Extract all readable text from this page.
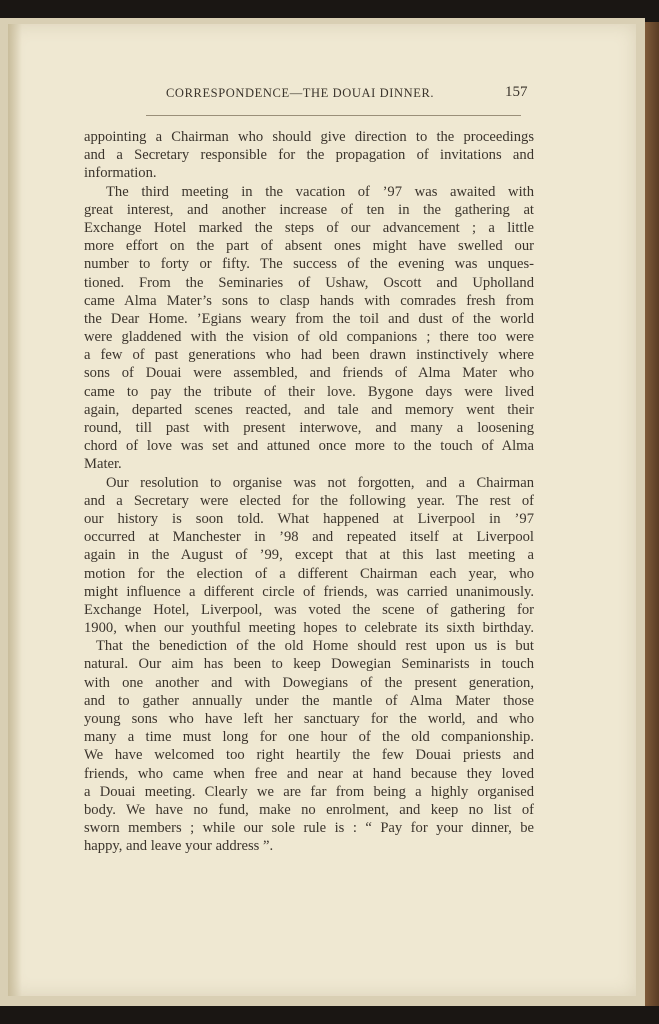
CORRESPONDENCE—THE DOUAI DINNER.	157
appointing a Chairman who should give direction to the proceedings
and a Secretary responsible for the propagation of invitations and
information.
The third meeting in the vacation of ’97 was awaited with
great interest, and another increase of ten in the gathering at
Exchange Hotel marked the steps of our advancement ; a little
more effort on the part of absent ones might have swelled our
number to forty or fifty. The success of the evening was unques-
tioned. From the Seminaries of Ushaw, Oscott and Upholland
came Alma Mater’s sons to clasp hands with comrades fresh from
the Dear Home. ’Egians weary from the toil and dust of the world
were gladdened with the vision of old companions ; there too were
a few of past generations who had been drawn instinctively where
sons of Douai were assembled, and friends of Alma Mater who
came to pay the tribute of their love. Bygone days were lived
again, departed scenes reacted, and tale and memory went their
round, till past with present interwove, and many a loosening
chord of love was set and attuned once more to the touch of Alma
Mater.
Our resolution to organise was not forgotten, and a Chairman
and a Secretary were elected for the following year. The rest of
our history is soon told. What happened at Liverpool in ’97
occurred at Manchester in ’98 and repeated itself at Liverpool
again in the August of ’99, except that at this last meeting a
motion for the election of a different Chairman each year, who
might influence a different circle of friends, was carried unanimously.
Exchange Hotel, Liverpool, was voted the scene of gathering for
1900, when our youthful meeting hopes to celebrate its sixth birthday.
That the benediction of the old Home should rest upon us is but
natural. Our aim has been to keep Dowegian Seminarists in touch
with one another and with Dowegians of the present generation,
and to gather annually under the mantle of Alma Mater those
young sons who have left her sanctuary for the world, and who
many a time must long for one hour of the old companionship.
We have welcomed too right heartily the few Douai priests and
friends, who came when free and near at hand because they loved
a Douai meeting. Clearly we are far from being a highly organised
body. We have no fund, make no enrolment, and keep no list of
sworn members ; while our sole rule is : “ Pay for your dinner, be
happy, and leave your address ”.
